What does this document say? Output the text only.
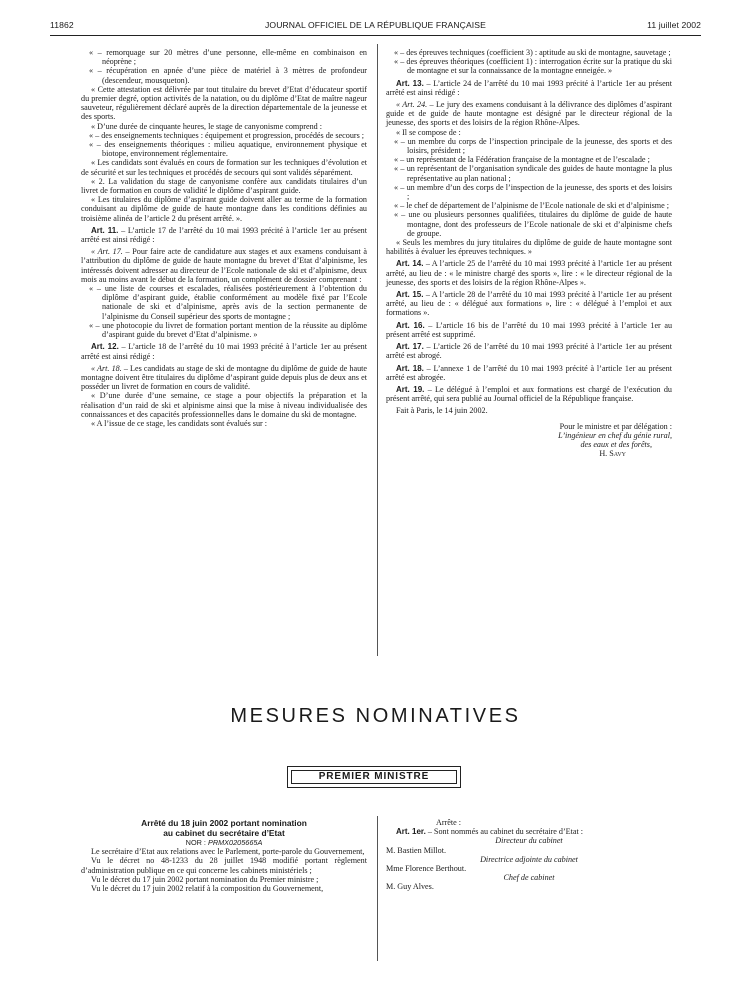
11862	JOURNAL OFFICIEL DE LA RÉPUBLIQUE FRANÇAISE	11 juillet 2002

« – remorquage sur 20 mètres d’une personne, elle-même en combinaison en néoprène ;

« – récupération en apnée d’une pièce de matériel à 3 mètres de profondeur (descendeur, mousqueton).

« Cette attestation est délivrée par tout titulaire du brevet d’Etat d’éducateur sportif du premier degré, option activités de la natation, ou du diplôme d’Etat de maître nageur sauveteur, régulièrement déclaré auprès de la direction départementale de la jeunesse et des sports.

« D’une durée de cinquante heures, le stage de canyonisme comprend :

« – des enseignements techniques : équipement et progression, procédés de secours ;

« – des enseignements théoriques : milieu aquatique, environnement physique et biotope, environnement réglementaire.

« Les candidats sont évalués en cours de formation sur les techniques d’évolution et de sécurité et sur les techniques et procédés de secours qui sont validés séparément.

« 2. La validation du stage de canyonisme confère aux candidats titulaires d’un livret de formation en cours de validité le diplôme d’aspirant guide.

« Les titulaires du diplôme d’aspirant guide doivent aller au terme de la formation conduisant au diplôme de guide de haute montagne dans les conditions définies au troisième alinéa de l’article 2 du présent arrêté. ».

Art. 11. – L’article 17 de l’arrêté du 10 mai 1993 précité à l’article 1er au présent arrêté est ainsi rédigé :

« Art. 17. – Pour faire acte de candidature aux stages et aux examens conduisant à l’attribution du diplôme de guide de haute montagne du brevet d’Etat d’alpinisme, les intéressés doivent adresser au directeur de l’Ecole nationale de ski et d’alpinisme, deux mois au moins avant le début de la formation, un complément de dossier comprenant :

« – une liste de courses et escalades, réalisées postérieurement à l’obtention du diplôme d’aspirant guide, établie conformément au modèle fixé par l’Ecole nationale de ski et d’alpinisme, après avis de la section permanente de l’alpinisme du Conseil supérieur des sports de montagne ;

« – une photocopie du livret de formation portant mention de la réussite au diplôme d’aspirant guide du brevet d’Etat d’alpinisme. »

Art. 12. – L’article 18 de l’arrêté du 10 mai 1993 précité à l’article 1er au présent arrêté est ainsi rédigé :

« Art. 18. – Les candidats au stage de ski de montagne du diplôme de guide de haute montagne doivent être titulaires du diplôme d’aspirant guide depuis plus de deux ans et posséder un livret de formation en cours de validité.

« D’une durée d’une semaine, ce stage a pour objectifs la préparation et la réalisation d’un raid de ski et alpinisme ainsi que la mise à niveau individualisée des connaissances et des capacités professionnelles dans le domaine du ski de montagne.

« A l’issue de ce stage, les candidats sont évalués sur :

« – des épreuves techniques (coefficient 3) : aptitude au ski de montagne, sauvetage ;

« – des épreuves théoriques (coefficient 1) : interrogation écrite sur la pratique du ski de montagne et sur la connaissance de la montagne enneigée. »

Art. 13. – L’article 24 de l’arrêté du 10 mai 1993 précité à l’article 1er au présent arrêté est ainsi rédigé :

« Art. 24. – Le jury des examens conduisant à la délivrance des diplômes d’aspirant guide et de guide de haute montagne est désigné par le directeur régional de la jeunesse, des sports et des loisirs de la région Rhône-Alpes.

« Il se compose de :

« – un membre du corps de l’inspection principale de la jeunesse, des sports et des loisirs, président ;

« – un représentant de la Fédération française de la montagne et de l’escalade ;

« – un représentant de l’organisation syndicale des guides de haute montagne la plus représentative au plan national ;

« – un membre d’un des corps de l’inspection de la jeunesse, des sports et des loisirs ;

« – le chef de département de l’alpinisme de l’Ecole nationale de ski et d’alpinisme ;

« – une ou plusieurs personnes qualifiées, titulaires du diplôme de guide de haute montagne, dont des professeurs de l’Ecole nationale de ski et d’alpinisme chefs de groupe.

« Seuls les membres du jury titulaires du diplôme de guide de haute montagne sont habilités à évaluer les épreuves techniques. »

Art. 14. – A l’article 25 de l’arrêté du 10 mai 1993 précité à l’article 1er au présent arrêté, au lieu de : « le ministre chargé des sports », lire : « le directeur régional de la jeunesse, des sports et des loisirs de la région Rhône-Alpes ».

Art. 15. – A l’article 28 de l’arrêté du 10 mai 1993 précité à l’article 1er au présent arrêté, au lieu de : « délégué aux formations », lire : « délégué à l’emploi et aux formations ».

Art. 16. – L’article 16 bis de l’arrêté du 10 mai 1993 précité à l’article 1er au présent arrêté est supprimé.

Art. 17. – L’article 26 de l’arrêté du 10 mai 1993 précité à l’article 1er au présent arrêté est abrogé.

Art. 18. – L’annexe 1 de l’arrêté du 10 mai 1993 précité à l’article 1er au présent arrêté est abrogée.

Art. 19. – Le délégué à l’emploi et aux formations est chargé de l’exécution du présent arrêté, qui sera publié au Journal officiel de la République française.

Fait à Paris, le 14 juin 2002.

Pour le ministre et par délégation :

L’ingénieur en chef du génie rural,

des eaux et des forêts,

H. Savy

MESURES NOMINATIVES
PREMIER MINISTRE

Arrêté du 18 juin 2002 portant nomination

au cabinet du secrétaire d’Etat

NOR : PRMX0205665A

Le secrétaire d’Etat aux relations avec le Parlement, porte-parole du Gouvernement,

Vu le décret no 48-1233 du 28 juillet 1948 modifié portant règlement d’administration publique en ce qui concerne les cabinets ministériels ;

Vu le décret du 17 juin 2002 portant nomination du Premier ministre ;

Vu le décret du 17 juin 2002 relatif à la composition du Gouvernement,

Arrête :

Art. 1er. – Sont nommés au cabinet du secrétaire d’Etat :

Directeur du cabinet

M. Bastien Millot.

Directrice adjointe du cabinet

Mme Florence Berthout.

Chef de cabinet

M. Guy Alves.
